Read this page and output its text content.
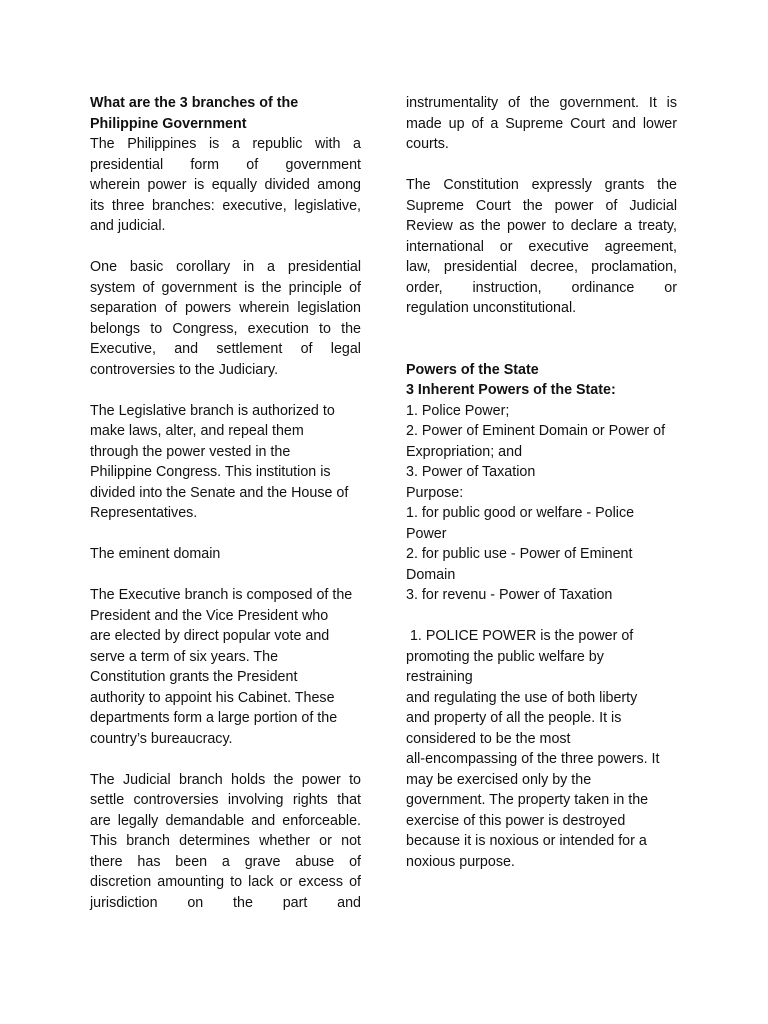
What are the 3 branches of the
Philippine Government
The Philippines is a republic with a
presidential form of government
wherein power is equally divided among
its three branches: executive, legislative,
and judicial.
One basic corollary in a presidential
system of government is the principle of
separation of powers wherein legislation
belongs to Congress, execution to the
Executive, and settlement of legal
controversies to the Judiciary.
The Legislative branch is authorized to
make laws, alter, and repeal them
through the power vested in the
Philippine Congress. This institution is
divided into the Senate and the House of
Representatives.
The eminent domain
The Executive branch is composed of the
President and the Vice President who
are elected by direct popular vote and
serve a term of six years. The
Constitution grants the President
authority to appoint his Cabinet. These
departments form a large portion of the
country’s bureaucracy.
The Judicial branch holds the power to
settle controversies involving rights that
are legally demandable and enforceable.
This branch determines whether or not
there has been a grave abuse of
discretion amounting to lack or excess of
jurisdiction on the part and
instrumentality of the government. It is
made up of a Supreme Court and lower
courts.
The Constitution expressly grants the
Supreme Court the power of Judicial
Review as the power to declare a treaty,
international or executive agreement,
law, presidential decree, proclamation,
order, instruction, ordinance or
regulation unconstitutional.
Powers of the State
3 Inherent Powers of the State:
1. Police Power;
2. Power of Eminent Domain or Power of
Expropriation; and
3. Power of Taxation
Purpose:
1. for public good or welfare - Police
Power
2. for public use - Power of Eminent
Domain
3. for revenu - Power of Taxation
1. POLICE POWER is the power of
promoting the public welfare by
restraining
and regulating the use of both liberty
and property of all the people. It is
considered to be the most
all-encompassing of the three powers. It
may be exercised only by the
government. The property taken in the
exercise of this power is destroyed
because it is noxious or intended for a
noxious purpose.
